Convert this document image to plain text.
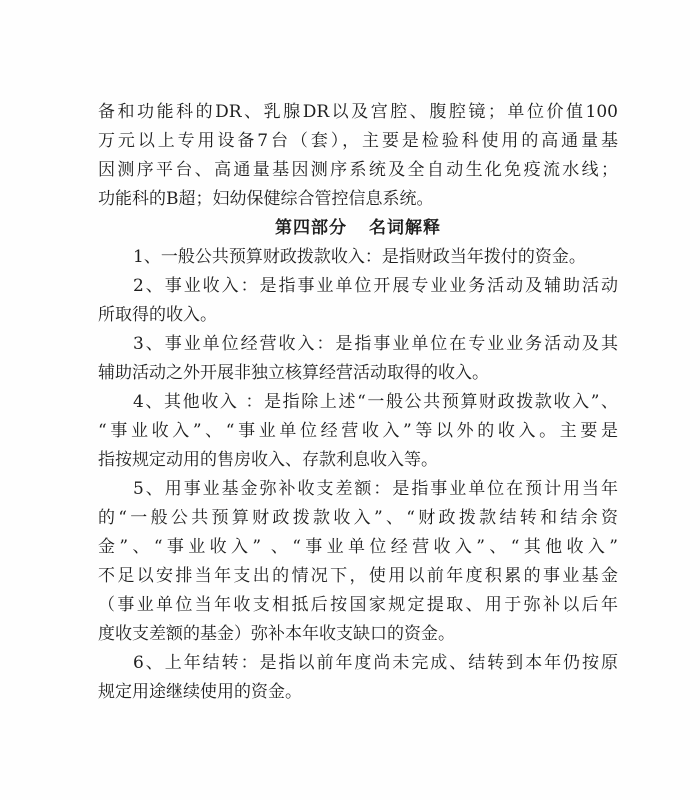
备和功能科的DR、乳腺DR以及宫腔、腹腔镜；单位价值100
万元以上专用设备7台（套），主要是检验科使用的高通量基
因测序平台、高通量基因测序系统及全自动生化免疫流水线；
功能科的B超；妇幼保健综合管控信息系统。
第四部分 名词解释
1、一般公共预算财政拨款收入：是指财政当年拨付的资金。
2、事业收入：是指事业单位开展专业业务活动及辅助活动
所取得的收入。
3、事业单位经营收入：是指事业单位在专业业务活动及其
辅助活动之外开展非独立核算经营活动取得的收入。
4、其他收入 ：是指除上述“一般公共预算财政拨款收入”、
“事业收入”、“事业单位经营收入”等以外的收入。主要是
指按规定动用的售房收入、存款利息收入等。
5、用事业基金弥补收支差额：是指事业单位在预计用当年
的“一般公共预算财政拨款收入”、“财政拨款结转和结余资
金”、“事业收入” 、“事业单位经营收入”、“其他收入”
不足以安排当年支出的情况下，使用以前年度积累的事业基金
（事业单位当年收支相抵后按国家规定提取、用于弥补以后年
度收支差额的基金）弥补本年收支缺口的资金。
6、上年结转：是指以前年度尚未完成、结转到本年仍按原
规定用途继续使用的资金。
